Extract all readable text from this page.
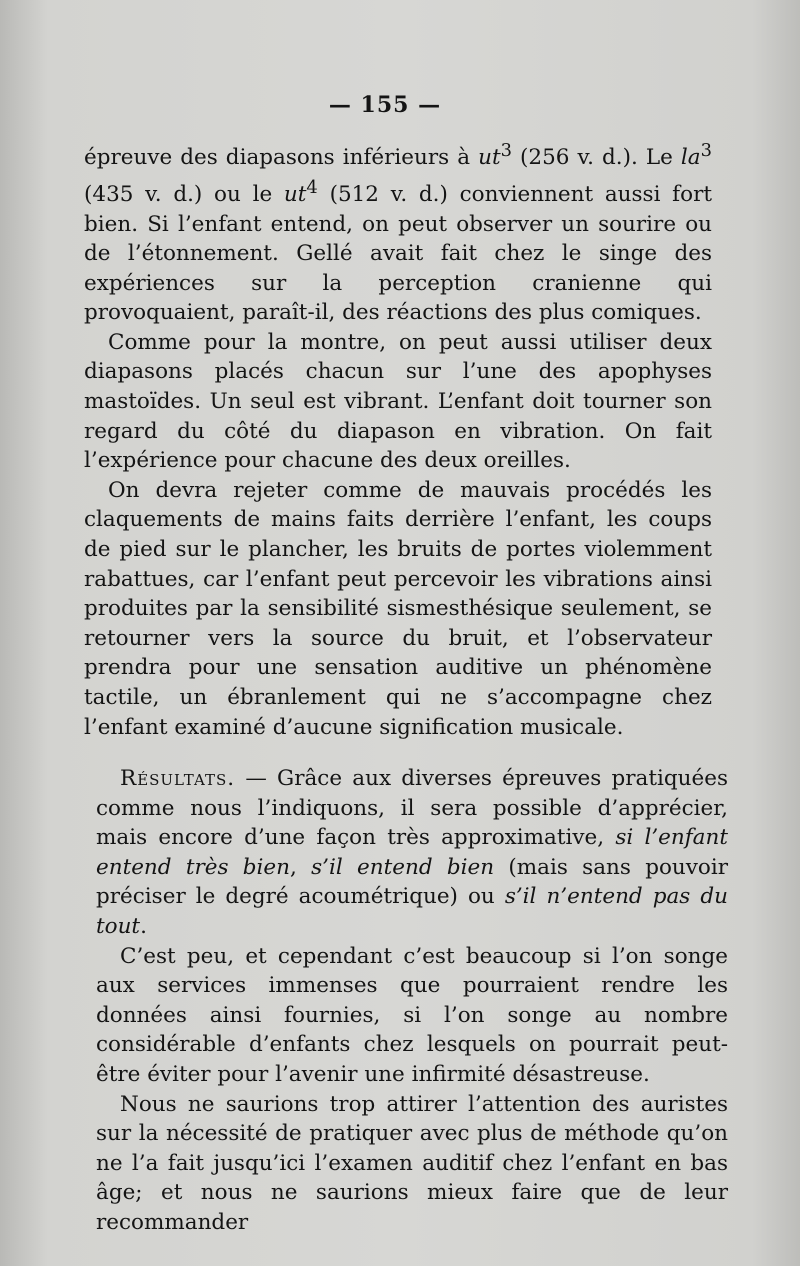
— 155 —

épreuve des diapasons inférieurs à $ut^3$ (256 v. d.). Le $la^3$ (435 v. d.) ou le $ut^4$ (512 v. d.) conviennent aussi fort bien. Si l’enfant entend, on peut observer un sourire ou de l’étonnement. Gellé avait fait chez le singe des expériences sur la perception cranienne qui provoquaient, paraît-il, des réactions des plus comiques.

Comme pour la montre, on peut aussi utiliser deux diapasons placés chacun sur l’une des apophyses mastoïdes. Un seul est vibrant. L’enfant doit tourner son regard du côté du diapason en vibration. On fait l’expérience pour chacune des deux oreilles.

On devra rejeter comme de mauvais procédés les claquements de mains faits derrière l’enfant, les coups de pied sur le plancher, les bruits de portes violemment rabattues, car l’enfant peut percevoir les vibrations ainsi produites par la sensibilité sismesthésique seulement, se retourner vers la source du bruit, et l’observateur prendra pour une sensation auditive un phénomène tactile, un ébranlement qui ne s’accompagne chez l’enfant examiné d’aucune signification musicale.

Résultats. — Grâce aux diverses épreuves pratiquées comme nous l’indiquons, il sera possible d’apprécier, mais encore d’une façon très approximative, si l’enfant entend très bien, s’il entend bien (mais sans pouvoir préciser le degré acoumétrique) ou s’il n’entend pas du tout.

C’est peu, et cependant c’est beaucoup si l’on songe aux services immenses que pourraient rendre les données ainsi fournies, si l’on songe au nombre considérable d’enfants chez lesquels on pourrait peut-être éviter pour l’avenir une infirmité désastreuse.

Nous ne saurions trop attirer l’attention des auristes sur la nécessité de pratiquer avec plus de méthode qu’on ne l’a fait jusqu’ici l’examen auditif chez l’enfant en bas âge; et nous ne saurions mieux faire que de leur recommander
